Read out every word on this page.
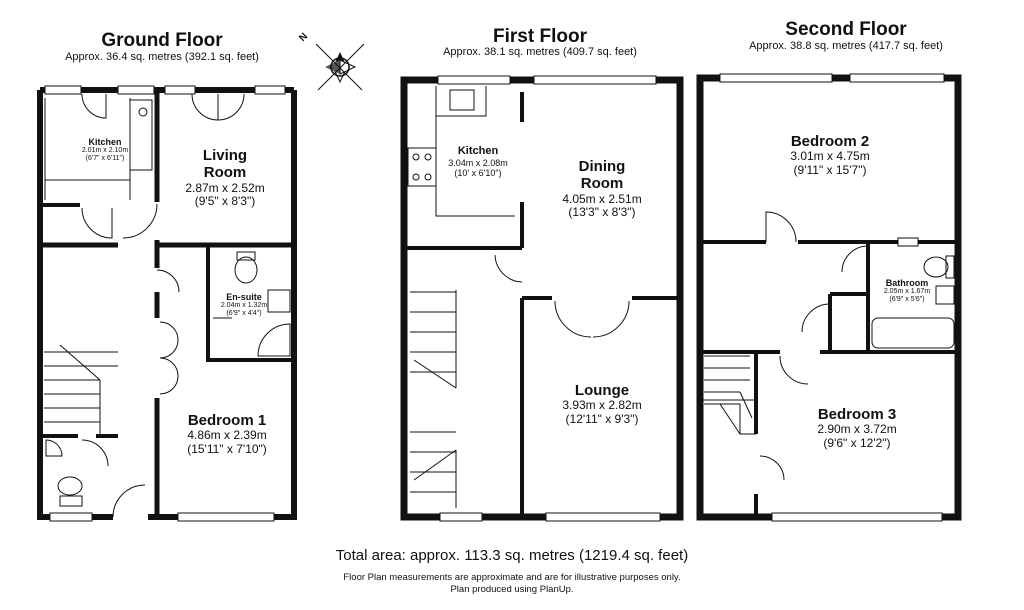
Ground Floor
Approx. 36.4 sq. metres (392.1 sq. feet)
First Floor
Approx. 38.1 sq. metres (409.7 sq. feet)
Second Floor
Approx. 38.8 sq. metres (417.7 sq. feet)
N
Kitchen
2.01m x 2.10m
(6'7" x 6'11")	Living
Room
2.87m x 2.52m
(9'5" x 8'3")
En-suite
2.04m x 1.32m
(6'9" x 4'4")
Bedroom 1
4.86m x 2.39m
(15'11" x 7'10")
Kitchen
3.04m x 2.08m
(10' x 6'10")	Dining
Room
4.05m x 2.51m
(13'3" x 8'3")
Lounge
3.93m x 2.82m
(12'11" x 9'3")
Bedroom 2
3.01m x 4.75m
(9'11" x 15'7")
Bathroom
2.05m x 1.67m
(6'9" x 5'6")
Bedroom 3
2.90m x 3.72m
(9'6" x 12'2")
Total area: approx. 113.3 sq. metres (1219.4 sq. feet)
Floor Plan measurements are approximate and are for illustrative purposes only.
Plan produced using PlanUp.
